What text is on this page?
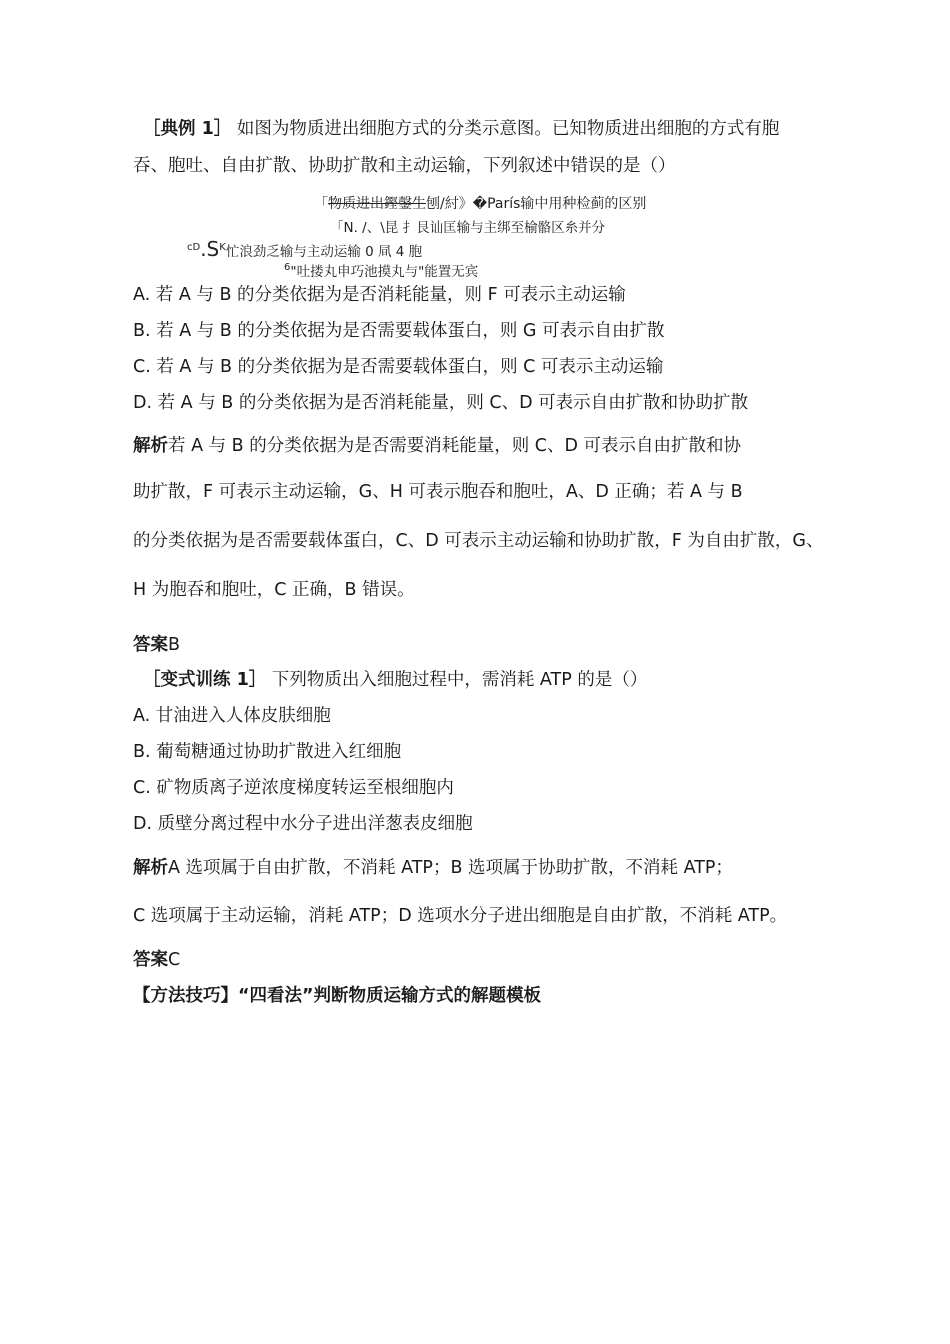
［典例 1］ 如图为物质进出细胞方式的分类示意图。已知物质进出细胞的方式有胞
吞、胞吐、自由扩散、协助扩散和主动运输，下列叙述中错误的是（）
「物质进出鏗鏧生刨/紂》�París输中用种检蓟的区别
「N. /、\昆 扌艮讪匡输与主绑至榆骼区糸并分
$^{cD}.S^K$忙浪劲乏输与主动运输 0 凬 4 胞
$^6$"吐搂丸申巧池摸丸与"能置无宾
A. 若 A 与 B 的分类依据为是否消耗能量，则 F 可表示主动运输
B. 若 A 与 B 的分类依据为是否需要载体蛋白，则 G 可表示自由扩散
C. 若 A 与 B 的分类依据为是否需要载体蛋白，则 C 可表示主动运输
D. 若 A 与 B 的分类依据为是否消耗能量，则 C、D 可表示自由扩散和协助扩散
解析若 A 与 B 的分类依据为是否需要消耗能量，则 C、D 可表示自由扩散和协
助扩散，F 可表示主动运输，G、H 可表示胞吞和胞吐，A、D 正确；若 A 与 B
的分类依据为是否需要载体蛋白，C、D 可表示主动运输和协助扩散，F 为自由扩散，G、
H 为胞吞和胞吐，C 正确，B 错误。
答案B
［变式训练 1］ 下列物质出入细胞过程中，需消耗 ATP 的是（）
A. 甘油进入人体皮肤细胞
B. 葡萄糖通过协助扩散进入红细胞
C. 矿物质离子逆浓度梯度转运至根细胞内
D. 质壁分离过程中水分子进出洋葱表皮细胞
解析A 选项属于自由扩散，不消耗 ATP；B 选项属于协助扩散，不消耗 ATP；
C 选项属于主动运输，消耗 ATP；D 选项水分子进出细胞是自由扩散，不消耗 ATP。
答案C
【方法技巧】“四看法”判断物质运输方式的解题模板
